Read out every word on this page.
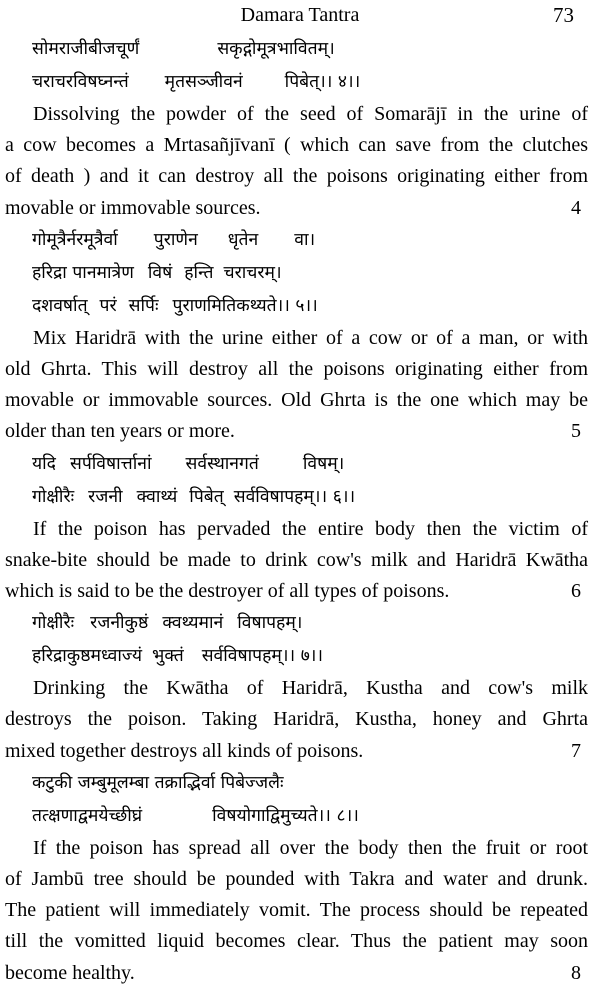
Damara Tantra	73

सोमराजीबीजचूर्णं	सकृद्गोमूत्रभावितम्।

चराचरविषघ्नन्तं मृतसञ्जीवनं पिबेत्।। ४।।

Dissolving the powder of the seed of Somarājī in the urine of
a cow becomes a Mrtasañjīvanī ( which can save from the clutches
of death ) and it can destroy all the poisons originating either from
movable or immovable sources.	4

गोमूत्रैर्नरमूत्रैर्वा पुराणेन धृतेन वा।

हरिद्रा पानमात्रेण विषं हन्ति चराचरम्।

दशवर्षात् परं सर्पिः पुराणमितिकथ्यते।। ५।।

Mix Haridrā with the urine either of a cow or of a man, or with
old Ghrta. This will destroy all the poisons originating either from
movable or immovable sources. Old Ghrta is the one which may be
older than ten years or more.	5

यदि सर्पविषार्त्तानां सर्वस्थानगतं	विषम्।

गोक्षीरैः रजनी क्वाथ्यं पिबेत् सर्वविषापहम्।। ६।।

If the poison has pervaded the entire body then the victim of
snake-bite should be made to drink cow's milk and Haridrā Kwātha
which is said to be the destroyer of all types of poisons.	6

गोक्षीरैः रजनीकुष्ठं क्वथ्यमानं विषापहम्।

हरिद्राकुष्ठमध्वाज्यं भुक्तं सर्वविषापहम्।। ७।।

Drinking the Kwātha of Haridrā, Kustha and cow's milk
destroys the poison. Taking Haridrā, Kustha, honey and Ghrta
mixed together destroys all kinds of poisons.	7

कटुकी जम्बुमूलम्बा तक्राद्भिर्वा पिबेज्जलैः

तत्क्षणाद्वमयेच्छीघ्रं	विषयोगाद्विमुच्यते।। ८।।

If the poison has spread all over the body then the fruit or root
of Jambū tree should be pounded with Takra and water and drunk.
The patient will immediately vomit. The process should be repeated
till the vomitted liquid becomes clear. Thus the patient may soon
become healthy.	8
